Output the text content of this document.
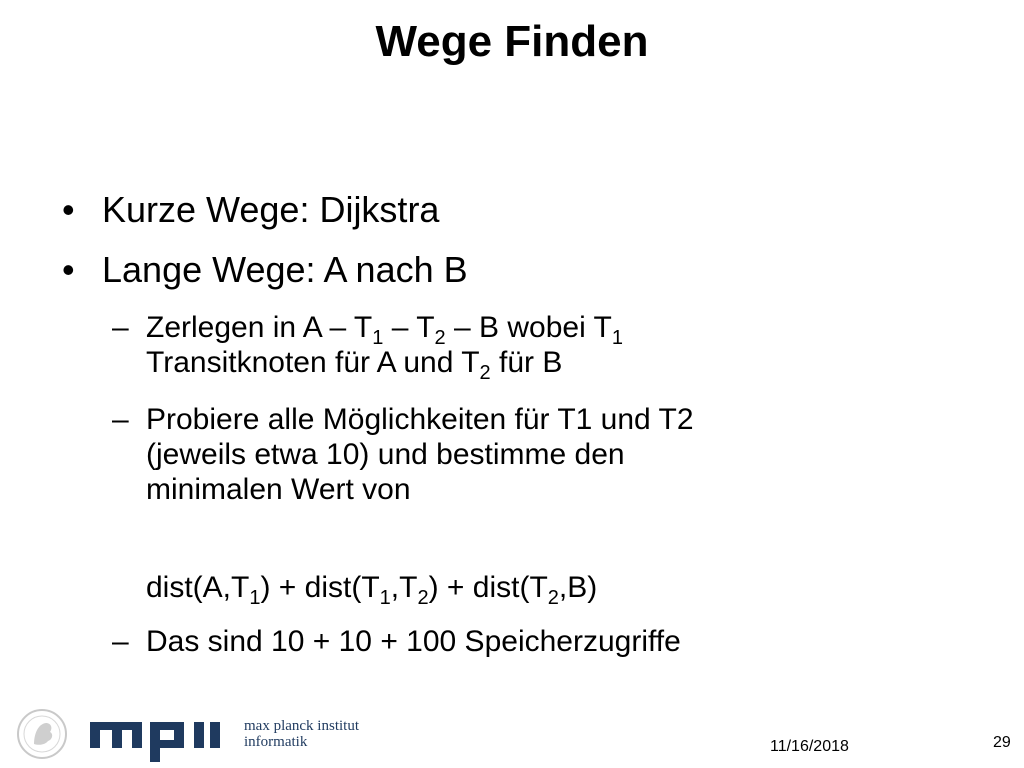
Wege Finden
• Kurze Wege: Dijkstra
• Lange Wege: A nach B
– Zerlegen in A – $T_1 - T_2$ – B wobei $T_1$
Transitknoten für A und $T_2$ für B
– Probiere alle Möglichkeiten für T1 und T2
(jeweils etwa 10) und bestimme den
minimalen Wert von
$dist(A,T_1)$ + $dist(T_1,T_2)$ + $dist(T_2,B)$
– Das sind 10 + 10 + 100 Speicherzugriffe
max planck institut
informatik	11/16/2018	29
